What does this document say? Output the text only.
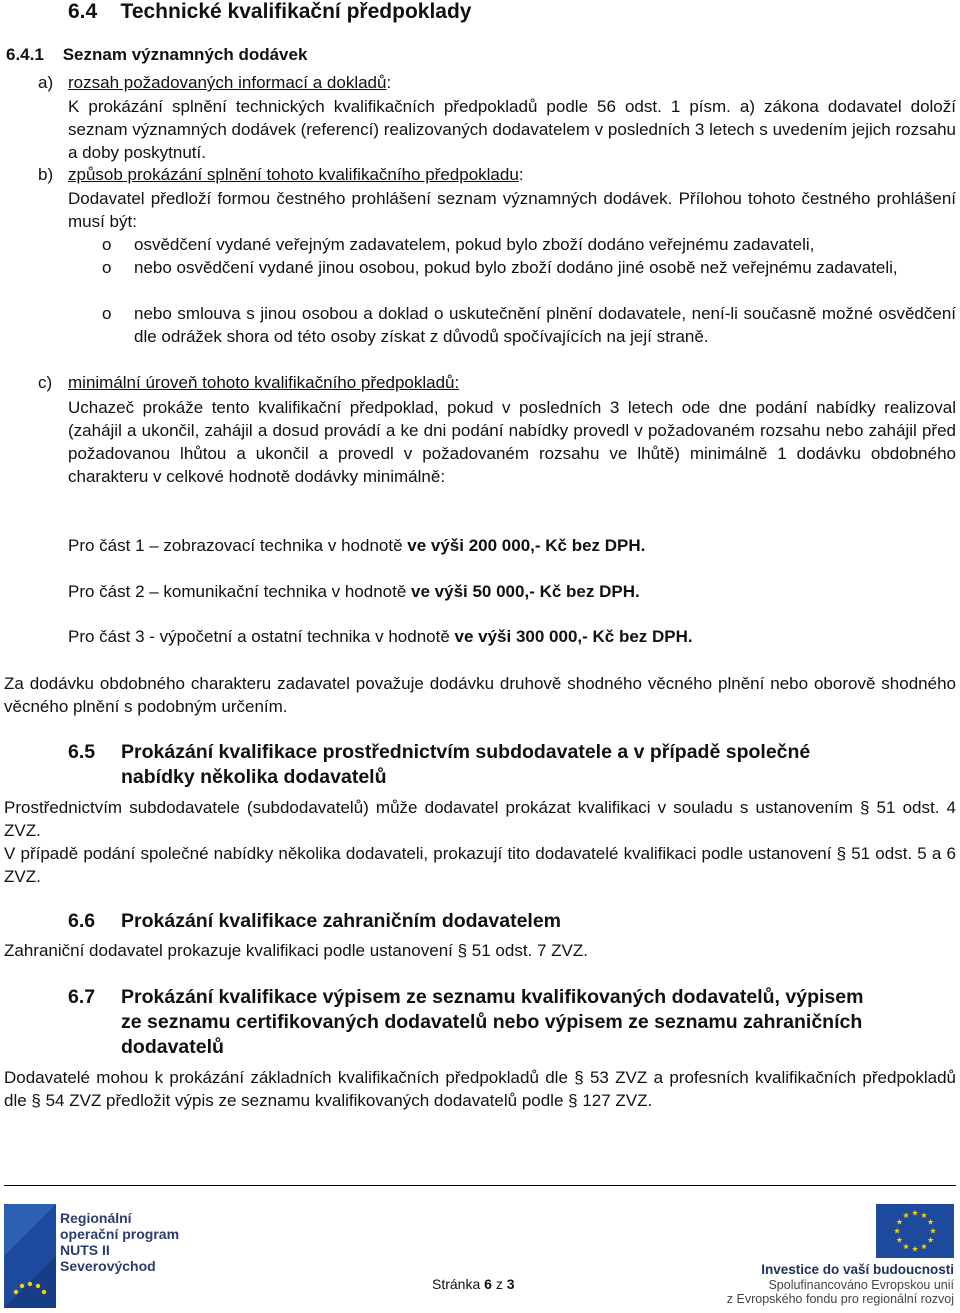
6.4 Technické kvalifikační předpoklady
6.4.1 Seznam významných dodávek
a) rozsah požadovaných informací a dokladů:
K prokázání splnění technických kvalifikačních předpokladů podle 56 odst. 1 písm. a) zákona dodavatel doloží seznam významných dodávek (referencí) realizovaných dodavatelem v posledních 3 letech s uvedením jejich rozsahu a doby poskytnutí.
b) způsob prokázání splnění tohoto kvalifikačního předpokladu:
Dodavatel předloží formou čestného prohlášení seznam významných dodávek. Přílohou tohoto čestného prohlášení musí být:
o osvědčení vydané veřejným zadavatelem, pokud bylo zboží dodáno veřejnému zadavateli,
o nebo osvědčení vydané jinou osobou, pokud bylo zboží dodáno jiné osobě než veřejnému zadavateli,
o nebo smlouva s jinou osobou a doklad o uskutečnění plnění dodavatele, není-li současně možné osvědčení dle odrážek shora od této osoby získat z důvodů spočívajících na její straně.
c) minimální úroveň tohoto kvalifikačního předpokladů:
Uchazeč prokáže tento kvalifikační předpoklad, pokud v posledních 3 letech ode dne podání nabídky realizoval (zahájil a ukončil, zahájil a dosud provádí a ke dni podání nabídky provedl v požadovaném rozsahu nebo zahájil před požadovanou lhůtou a ukončil a provedl v požadovaném rozsahu ve lhůtě) minimálně 1 dodávku obdobného charakteru v celkové hodnotě dodávky minimálně:
Pro část 1 – zobrazovací technika v hodnotě ve výši 200 000,- Kč bez DPH.
Pro část 2 – komunikační technika v hodnotě ve výši 50 000,- Kč bez DPH.
Pro část 3 - výpočetní a ostatní technika v hodnotě ve výši 300 000,- Kč bez DPH.
Za dodávku obdobného charakteru zadavatel považuje dodávku druhově shodného věcného plnění nebo oborově shodného věcného plnění s podobným určením.
6.5 Prokázání kvalifikace prostřednictvím subdodavatele a v případě společné
nabídky několika dodavatelů
Prostřednictvím subdodavatele (subdodavatelů) může dodavatel prokázat kvalifikaci v souladu s ustanovením § 51 odst. 4 ZVZ.
V případě podání společné nabídky několika dodavateli, prokazují tito dodavatelé kvalifikaci podle ustanovení § 51 odst. 5 a 6 ZVZ.
6.6 Prokázání kvalifikace zahraničním dodavatelem
Zahraniční dodavatel prokazuje kvalifikaci podle ustanovení § 51 odst. 7 ZVZ.
6.7 Prokázání kvalifikace výpisem ze seznamu kvalifikovaných dodavatelů, výpisem
ze seznamu certifikovaných dodavatelů nebo výpisem ze seznamu zahraničních
dodavatelů
Dodavatelé mohou k prokázání základních kvalifikačních předpokladů dle § 53 ZVZ a profesních kvalifikačních předpokladů dle § 54 ZVZ předložit výpis ze seznamu kvalifikovaných dodavatelů podle § 127 ZVZ.
Regionální
operační program
NUTS II Severovýchod
Stránka 6 z 3
Investice do vaší budoucnosti
Spolufinancováno Evropskou unií
z Evropského fondu pro regionální rozvoj
